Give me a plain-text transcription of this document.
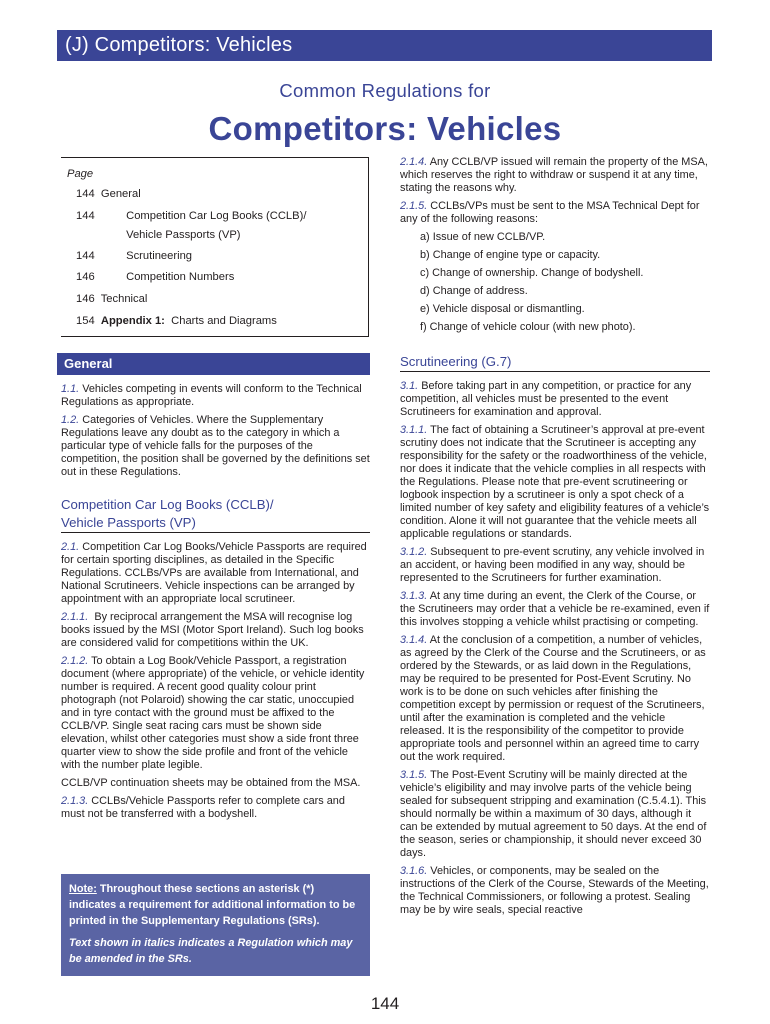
(J) Competitors: Vehicles
Common Regulations for
Competitors: Vehicles
Page
144 General
144	Competition Car Log Books (CCLB)/
Vehicle Passports (VP)
144	Scrutineering
146	Competition Numbers
146 Technical
154 Appendix 1: Charts and Diagrams
General

1.1. Vehicles competing in events will conform to the Technical Regulations as appropriate.

1.2. Categories of Vehicles. Where the Supplementary Regulations leave any doubt as to the category in which a particular type of vehicle falls for the purposes of the competition, the position shall be governed by the definitions set out in these Regulations.

Competition Car Log Books (CCLB)/
Vehicle Passports (VP)

2.1. Competition Car Log Books/Vehicle Passports are required for certain sporting disciplines, as detailed in the Specific Regulations. CCLBs/VPs are available from International, and National Scrutineers. Vehicle inspections can be arranged by appointment with an appropriate local scrutineer.

2.1.1. By reciprocal arrangement the MSA will recognise log books issued by the MSI (Motor Sport Ireland). Such log books are considered valid for competitions within the UK.

2.1.2. To obtain a Log Book/Vehicle Passport, a registration document (where appropriate) of the vehicle, or vehicle identity number is required. A recent good quality colour print photograph (not Polaroid) showing the car static, unoccupied and in tyre contact with the ground must be affixed to the CCLB/VP. Single seat racing cars must be shown side elevation, whilst other categories must show a side front three quarter view to show the side profile and front of the vehicle with the number plate legible.

CCLB/VP continuation sheets may be obtained from the MSA.

2.1.3. CCLBs/Vehicle Passports refer to complete cars and must not be transferred with a bodyshell.

Note: Throughout these sections an asterisk (*) indicates a requirement for additional information to be printed in the Supplementary Regulations (SRs).
Text shown in italics indicates a Regulation which may be amended in the SRs.

2.1.4. Any CCLB/VP issued will remain the property of the MSA, which reserves the right to withdraw or suspend it at any time, stating the reasons why.

2.1.5. CCLBs/VPs must be sent to the MSA Technical Dept for any of the following reasons:

a) Issue of new CCLB/VP.
b) Change of engine type or capacity.
c) Change of ownership. Change of bodyshell.
d) Change of address.
e) Vehicle disposal or dismantling.
f) Change of vehicle colour (with new photo).
Scrutineering (G.7)

3.1. Before taking part in any competition, or practice for any competition, all vehicles must be presented to the event Scrutineers for examination and approval.

3.1.1. The fact of obtaining a Scrutineer’s approval at pre-event scrutiny does not indicate that the Scrutineer is accepting any responsibility for the safety or the roadworthiness of the vehicle, nor does it indicate that the vehicle complies in all respects with the Regulations. Please note that pre-event scrutineering or logbook inspection by a scrutineer is only a spot check of a limited number of key safety and eligibility features of a vehicle’s condition. Alone it will not guarantee that the vehicle meets all applicable regulations or standards.

3.1.2. Subsequent to pre-event scrutiny, any vehicle involved in an accident, or having been modified in any way, should be represented to the Scrutineers for further examination.

3.1.3. At any time during an event, the Clerk of the Course, or the Scrutineers may order that a vehicle be re-examined, even if this involves stopping a vehicle whilst practising or competing.

3.1.4. At the conclusion of a competition, a number of vehicles, as agreed by the Clerk of the Course and the Scrutineers, or as ordered by the Stewards, or as laid down in the Regulations, may be required to be presented for Post-Event Scrutiny. No work is to be done on such vehicles after finishing the competition except by permission or request of the Scrutineers, until after the examination is completed and the vehicle released. It is the responsibility of the competitor to provide appropriate tools and personnel within an agreed time to carry out the work required.

3.1.5. The Post-Event Scrutiny will be mainly directed at the vehicle’s eligibility and may involve parts of the vehicle being sealed for subsequent stripping and examination (C.5.4.1). This should normally be within a maximum of 30 days, although it can be extended by mutual agreement to 50 days. At the end of the season, series or championship, it should never exceed 30 days.

3.1.6. Vehicles, or components, may be sealed on the instructions of the Clerk of the Course, Stewards of the Meeting, the Technical Commissioners, or following a protest. Sealing may be by wire seals, special reactive

144
